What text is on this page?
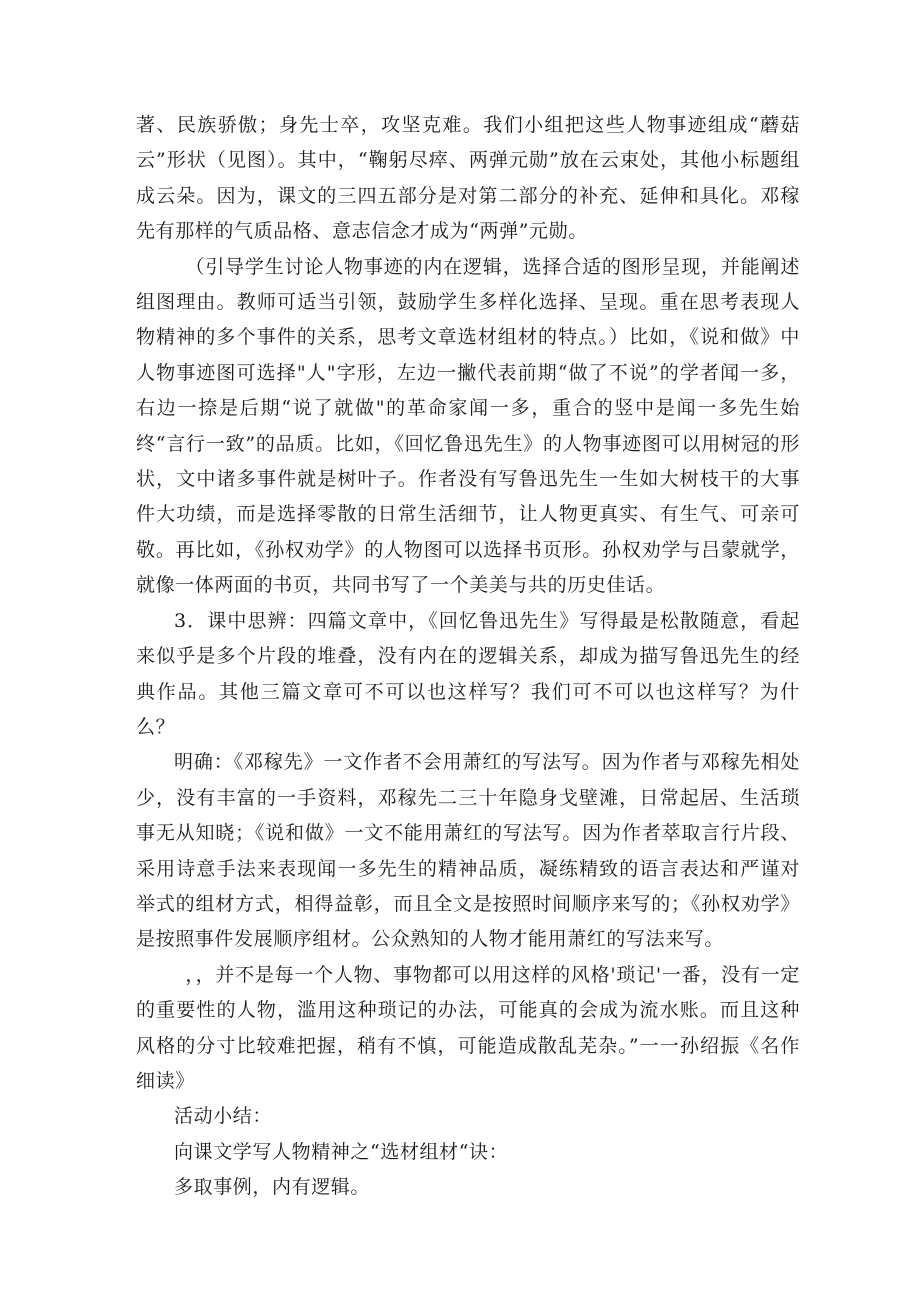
著、民族骄傲；身先士卒，攻坚克难。我们小组把这些人物事迹组成“蘑菇云”形状（见图）。其中，“鞠躬尽瘁、两弹元勋”放在云束处，其他小标题组成云朵。因为，课文的三四五部分是对第二部分的补充、延伸和具化。邓稼先有那样的气质品格、意志信念才成为“两弹”元勋。

（引导学生讨论人物事迹的内在逻辑，选择合适的图形呈现，并能阐述组图理由。教师可适当引领，鼓励学生多样化选择、呈现。重在思考表现人物精神的多个事件的关系，思考文章选材组材的特点。）比如，《说和做》中人物事迹图可选择"人"字形，左边一撇代表前期“做了不说”的学者闻一多，右边一捺是后期“说了就做"的革命家闻一多，重合的竖中是闻一多先生始终“言行一致”的品质。比如，《回忆鲁迅先生》的人物事迹图可以用树冠的形状，文中诸多事件就是树叶子。作者没有写鲁迅先生一生如大树枝干的大事件大功绩，而是选择零散的日常生活细节，让人物更真实、有生气、可亲可敬。再比如，《孙权劝学》的人物图可以选择书页形。孙权劝学与吕蒙就学，就像一体两面的书页，共同书写了一个美美与共的历史佳话。

3．课中思辨：四篇文章中，《回忆鲁迅先生》写得最是松散随意，看起来似乎是多个片段的堆叠，没有内在的逻辑关系，却成为描写鲁迅先生的经典作品。其他三篇文章可不可以也这样写？我们可不可以也这样写？为什么？

明确：《邓稼先》一文作者不会用萧红的写法写。因为作者与邓稼先相处少，没有丰富的一手资料，邓稼先二三十年隐身戈壁滩，日常起居、生活琐事无从知晓；《说和做》一文不能用萧红的写法写。因为作者萃取言行片段、采用诗意手法来表现闻一多先生的精神品质，凝练精致的语言表达和严谨对举式的组材方式，相得益彰，而且全文是按照时间顺序来写的；《孙权劝学》是按照事件发展顺序组材。公众熟知的人物才能用萧红的写法来写。

，，并不是每一个人物、事物都可以用这样的风格'琐记'一番，没有一定的重要性的人物，滥用这种琐记的办法，可能真的会成为流水账。而且这种风格的分寸比较难把握，稍有不慎，可能造成散乱芜杂。”一一孙绍振《名作细读》

活动小结：

向课文学写人物精神之“选材组材“诀：

多取事例，内有逻辑。
